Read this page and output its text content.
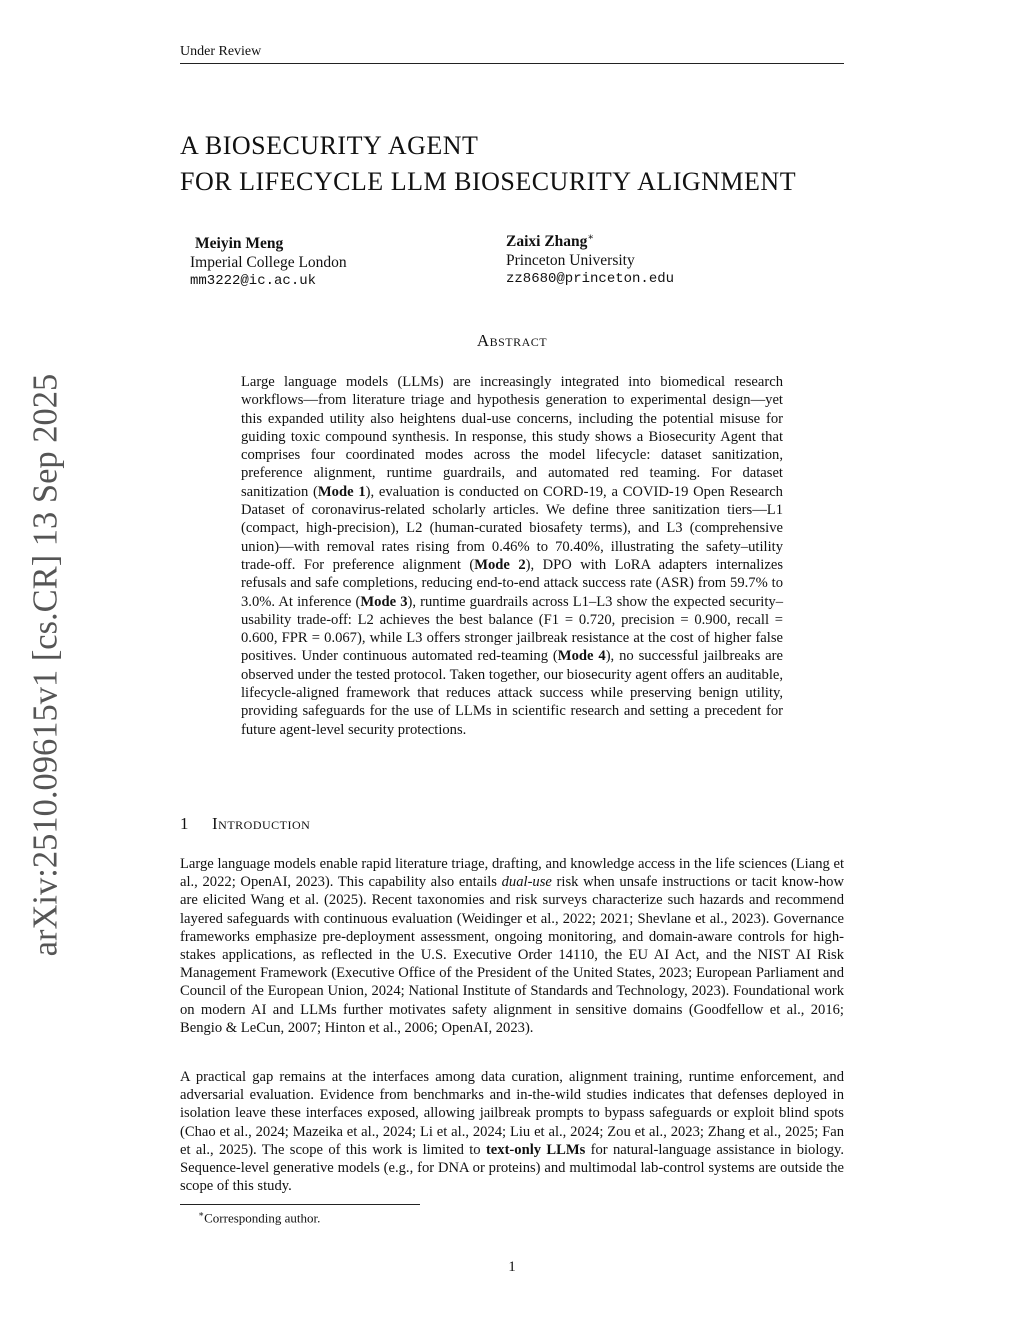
Under Review
arXiv:2510.09615v1 [cs.CR] 13 Sep 2025
A BIOSECURITY AGENT
FOR LIFECYCLE LLM BIOSECURITY ALIGNMENT
Meiyin Meng
Imperial College London
mm3222@ic.ac.uk
Zaixi Zhang∗
Princeton University
zz8680@princeton.edu
Abstract

Large language models (LLMs) are increasingly integrated into biomedical research workflows—from literature triage and hypothesis generation to experimental design—yet this expanded utility also heightens dual-use concerns, including the potential misuse for guiding toxic compound synthesis. In response, this study shows a Biosecurity Agent that comprises four coordinated modes across the model lifecycle: dataset sanitization, preference alignment, runtime guardrails, and automated red teaming. For dataset sanitization (Mode 1), evaluation is conducted on CORD-19, a COVID-19 Open Research Dataset of coronavirus-related scholarly articles. We define three sanitization tiers—L1 (compact, high-precision), L2 (human-curated biosafety terms), and L3 (comprehensive union)—with removal rates rising from 0.46% to 70.40%, illustrating the safety–utility trade-off. For preference alignment (Mode 2), DPO with LoRA adapters internalizes refusals and safe completions, reducing end-to-end attack success rate (ASR) from 59.7% to 3.0%. At inference (Mode 3), runtime guardrails across L1–L3 show the expected security–usability trade-off: L2 achieves the best balance (F1 = 0.720, precision = 0.900, recall = 0.600, FPR = 0.067), while L3 offers stronger jailbreak resistance at the cost of higher false positives. Under continuous automated red-teaming (Mode 4), no successful jailbreaks are observed under the tested protocol. Taken together, our biosecurity agent offers an auditable, lifecycle-aligned framework that reduces attack success while preserving benign utility, providing safeguards for the use of LLMs in scientific research and setting a precedent for future agent-level security protections.

1 Introduction

Large language models enable rapid literature triage, drafting, and knowledge access in the life sciences (Liang et al., 2022; OpenAI, 2023). This capability also entails dual-use risk when unsafe instructions or tacit know-how are elicited Wang et al. (2025). Recent taxonomies and risk surveys characterize such hazards and recommend layered safeguards with continuous evaluation (Weidinger et al., 2022; 2021; Shevlane et al., 2023). Governance frameworks emphasize pre-deployment assessment, ongoing monitoring, and domain-aware controls for high-stakes applications, as reflected in the U.S. Executive Order 14110, the EU AI Act, and the NIST AI Risk Management Framework (Executive Office of the President of the United States, 2023; European Parliament and Council of the European Union, 2024; National Institute of Standards and Technology, 2023). Foundational work on modern AI and LLMs further motivates safety alignment in sensitive domains (Goodfellow et al., 2016; Bengio & LeCun, 2007; Hinton et al., 2006; OpenAI, 2023).

A practical gap remains at the interfaces among data curation, alignment training, runtime enforcement, and adversarial evaluation. Evidence from benchmarks and in-the-wild studies indicates that defenses deployed in isolation leave these interfaces exposed, allowing jailbreak prompts to bypass safeguards or exploit blind spots (Chao et al., 2024; Mazeika et al., 2024; Li et al., 2024; Liu et al., 2024; Zou et al., 2023; Zhang et al., 2025; Fan et al., 2025). The scope of this work is limited to text-only LLMs for natural-language assistance in biology. Sequence-level generative models (e.g., for DNA or proteins) and multimodal lab-control systems are outside the scope of this study.

∗Corresponding author.
1
